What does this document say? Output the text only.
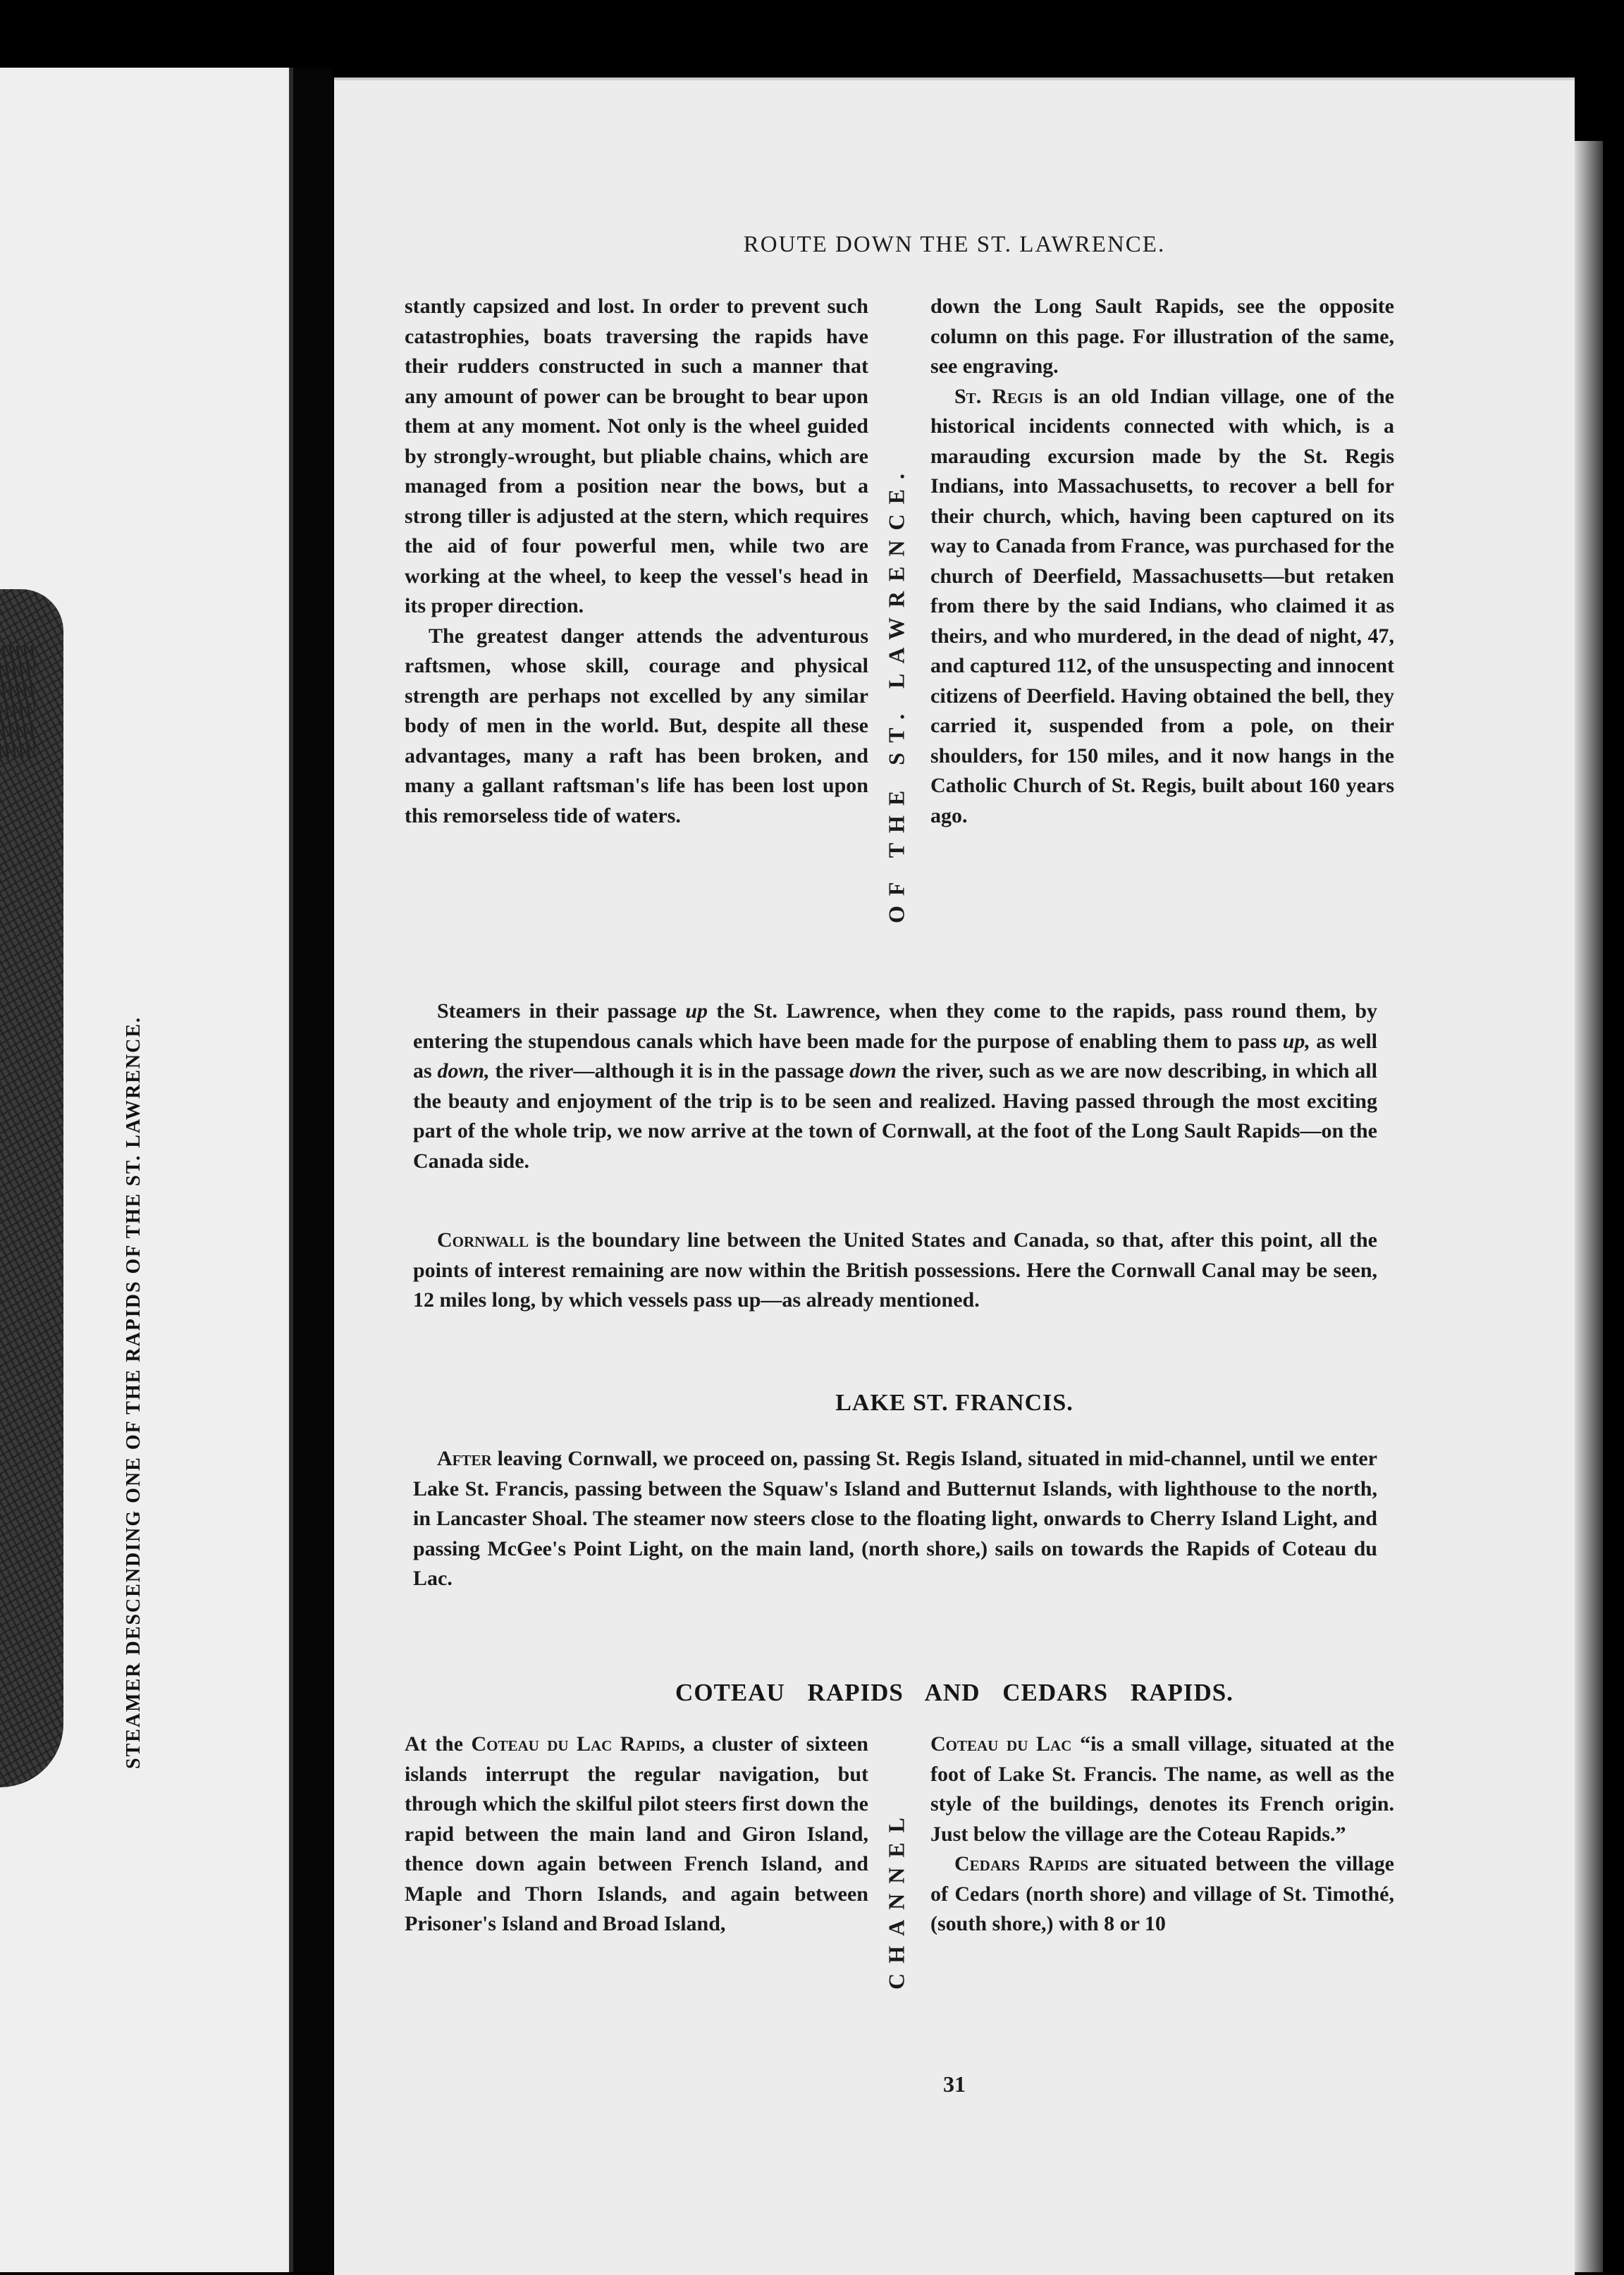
STEAMER DESCENDING ONE OF THE RAPIDS OF THE ST. LAWRENCE.
ROUTE DOWN THE ST. LAWRENCE.

stantly capsized and lost. In order to prevent such catastrophies, boats traversing the rapids have their rudders constructed in such a manner that any amount of power can be brought to bear upon them at any moment. Not only is the wheel guided by strongly-wrought, but pliable chains, which are managed from a position near the bows, but a strong tiller is adjusted at the stern, which requires the aid of four powerful men, while two are working at the wheel, to keep the vessel's head in its proper direction.

The greatest danger attends the adventurous raftsmen, whose skill, courage and physical strength are perhaps not excelled by any similar body of men in the world. But, despite all these advantages, many a raft has been broken, and many a gallant raftsman's life has been lost upon this remorseless tide of waters.	OF THE ST. LAWRENCE.

down the Long Sault Rapids, see the opposite column on this page. For illustration of the same, see engraving.

St. Regis is an old Indian village, one of the historical incidents connected with which, is a marauding excursion made by the St. Regis Indians, into Massachusetts, to recover a bell for their church, which, having been captured on its way to Canada from France, was purchased for the church of Deerfield, Massachusetts—but retaken from there by the said Indians, who claimed it as theirs, and who murdered, in the dead of night, 47, and captured 112, of the unsuspecting and innocent citizens of Deerfield. Having obtained the bell, they carried it, suspended from a pole, on their shoulders, for 150 miles, and it now hangs in the Catholic Church of St. Regis, built about 160 years ago.

Steamers in their passage up the St. Lawrence, when they come to the rapids, pass round them, by entering the stupendous canals which have been made for the purpose of enabling them to pass up, as well as down, the river—although it is in the passage down the river, such as we are now describing, in which all the beauty and enjoyment of the trip is to be seen and realized. Having passed through the most exciting part of the whole trip, we now arrive at the town of Cornwall, at the foot of the Long Sault Rapids—on the Canada side.

Cornwall is the boundary line between the United States and Canada, so that, after this point, all the points of interest remaining are now within the British possessions. Here the Cornwall Canal may be seen, 12 miles long, by which vessels pass up—as already mentioned.

LAKE ST. FRANCIS.

After leaving Cornwall, we proceed on, passing St. Regis Island, situated in mid-channel, until we enter Lake St. Francis, passing between the Squaw's Island and Butternut Islands, with lighthouse to the north, in Lancaster Shoal. The steamer now steers close to the floating light, onwards to Cherry Island Light, and passing McGee's Point Light, on the main land, (north shore,) sails on towards the Rapids of Coteau du Lac.

COTEAU RAPIDS AND CEDARS RAPIDS.

At the Coteau du Lac Rapids, a cluster of sixteen islands interrupt the regular navigation, but through which the skilful pilot steers first down the rapid between the main land and Giron Island, thence down again between French Island, and Maple and Thorn Islands, and again between Prisoner's Island and Broad Island,	CHANNEL

Coteau du Lac “is a small village, situated at the foot of Lake St. Francis. The name, as well as the style of the buildings, denotes its French origin. Just below the village are the Coteau Rapids.”

Cedars Rapids are situated between the village of Cedars (north shore) and village of St. Timothé, (south shore,) with 8 or 10

31
